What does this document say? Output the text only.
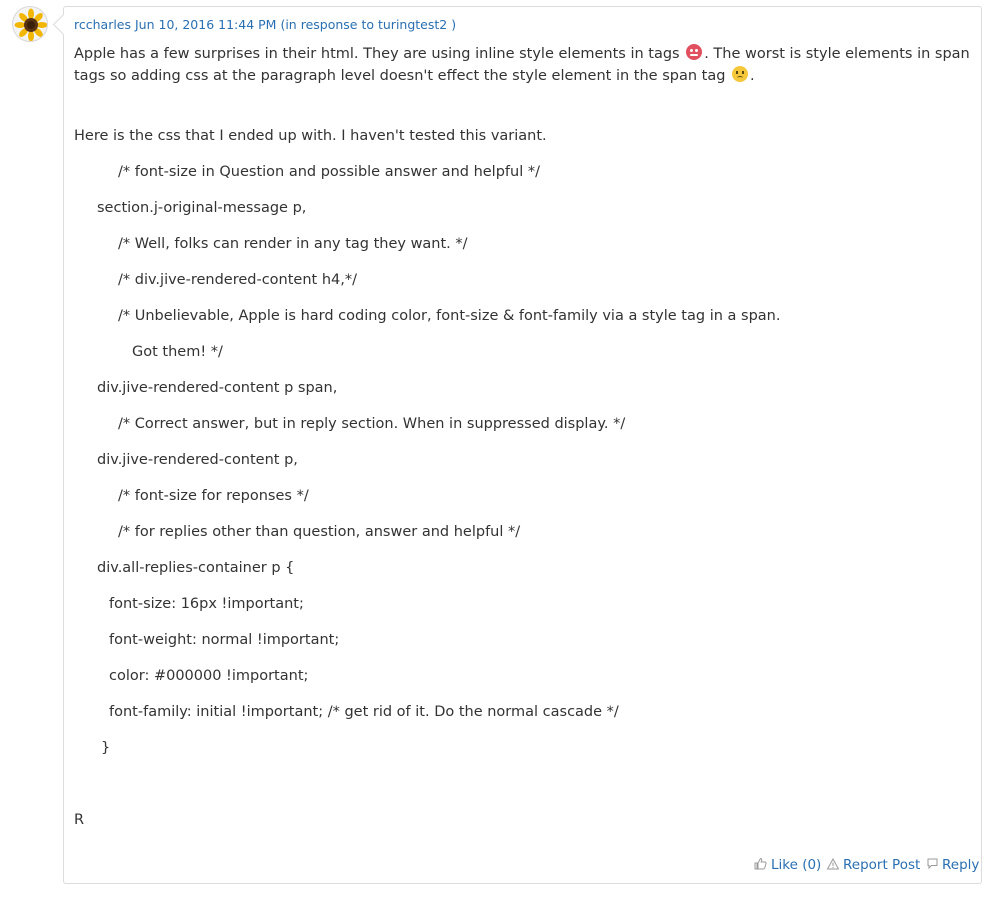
rccharles Jun 10, 2016 11:44 PM (in response to turingtest2 )
Apple has a few surprises in their html. They are using inline style elements in tags . The worst is style elements in span tags so adding css at the paragraph level doesn't effect the style element in the span tag .
Here is the css that I ended up with. I haven't tested this variant.
/* font-size in Question and possible answer and helpful */
section.j-original-message p,
/* Well, folks can render in any tag they want. */
/* div.jive-rendered-content h4,*/
/* Unbelievable, Apple is hard coding color, font-size & font-family via a style tag in a span.
Got them! */
div.jive-rendered-content p span,
/* Correct answer, but in reply section. When in suppressed display. */
div.jive-rendered-content p,
/* font-size for reponses */
/* for replies other than question, answer and helpful */
div.all-replies-container p {
font-size: 16px !important;
font-weight: normal !important;
color: #000000 !important;
font-family: initial !important; /* get rid of it. Do the normal cascade */
}
R
Like (0)	Report Post	Reply
